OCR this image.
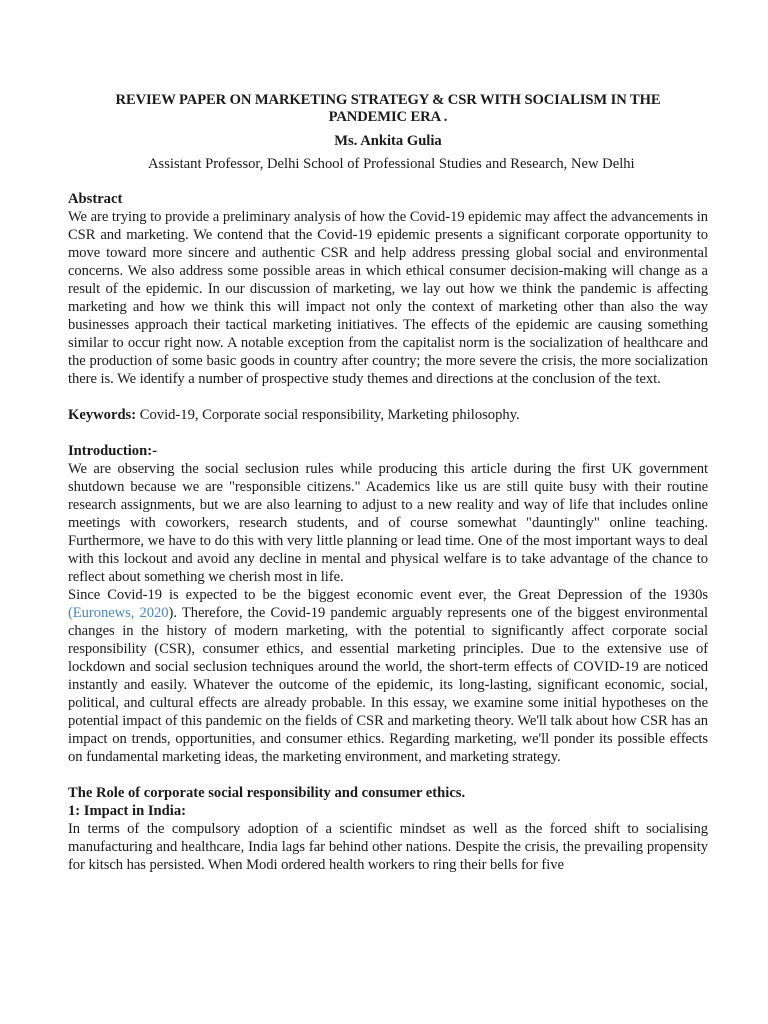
REVIEW PAPER ON MARKETING STRATEGY & CSR WITH SOCIALISM IN THE PANDEMIC ERA .

Ms. Ankita Gulia

Assistant Professor, Delhi School of Professional Studies and Research, New Delhi

Abstract

We are trying to provide a preliminary analysis of how the Covid-19 epidemic may affect the advancements in CSR and marketing. We contend that the Covid-19 epidemic presents a significant corporate opportunity to move toward more sincere and authentic CSR and help address pressing global social and environmental concerns. We also address some possible areas in which ethical consumer decision-making will change as a result of the epidemic. In our discussion of marketing, we lay out how we think the pandemic is affecting marketing and how we think this will impact not only the context of marketing other than also the way businesses approach their tactical marketing initiatives. The effects of the epidemic are causing something similar to occur right now. A notable exception from the capitalist norm is the socialization of healthcare and the production of some basic goods in country after country; the more severe the crisis, the more socialization there is. We identify a number of prospective study themes and directions at the conclusion of the text.

Keywords: Covid-19, Corporate social responsibility, Marketing philosophy.

Introduction:-

We are observing the social seclusion rules while producing this article during the first UK government shutdown because we are "responsible citizens." Academics like us are still quite busy with their routine research assignments, but we are also learning to adjust to a new reality and way of life that includes online meetings with coworkers, research students, and of course somewhat "dauntingly" online teaching. Furthermore, we have to do this with very little planning or lead time. One of the most important ways to deal with this lockout and avoid any decline in mental and physical welfare is to take advantage of the chance to reflect about something we cherish most in life.

Since Covid-19 is expected to be the biggest economic event ever, the Great Depression of the 1930s (Euronews, 2020). Therefore, the Covid-19 pandemic arguably represents one of the biggest environmental changes in the history of modern marketing, with the potential to significantly affect corporate social responsibility (CSR), consumer ethics, and essential marketing principles. Due to the extensive use of lockdown and social seclusion techniques around the world, the short-term effects of COVID-19 are noticed instantly and easily. Whatever the outcome of the epidemic, its long-lasting, significant economic, social, political, and cultural effects are already probable. In this essay, we examine some initial hypotheses on the potential impact of this pandemic on the fields of CSR and marketing theory. We'll talk about how CSR has an impact on trends, opportunities, and consumer ethics. Regarding marketing, we'll ponder its possible effects on fundamental marketing ideas, the marketing environment, and marketing strategy.

The Role of corporate social responsibility and consumer ethics.
1: Impact in India:

In terms of the compulsory adoption of a scientific mindset as well as the forced shift to socialising manufacturing and healthcare, India lags far behind other nations. Despite the crisis, the prevailing propensity for kitsch has persisted. When Modi ordered health workers to ring their bells for five
